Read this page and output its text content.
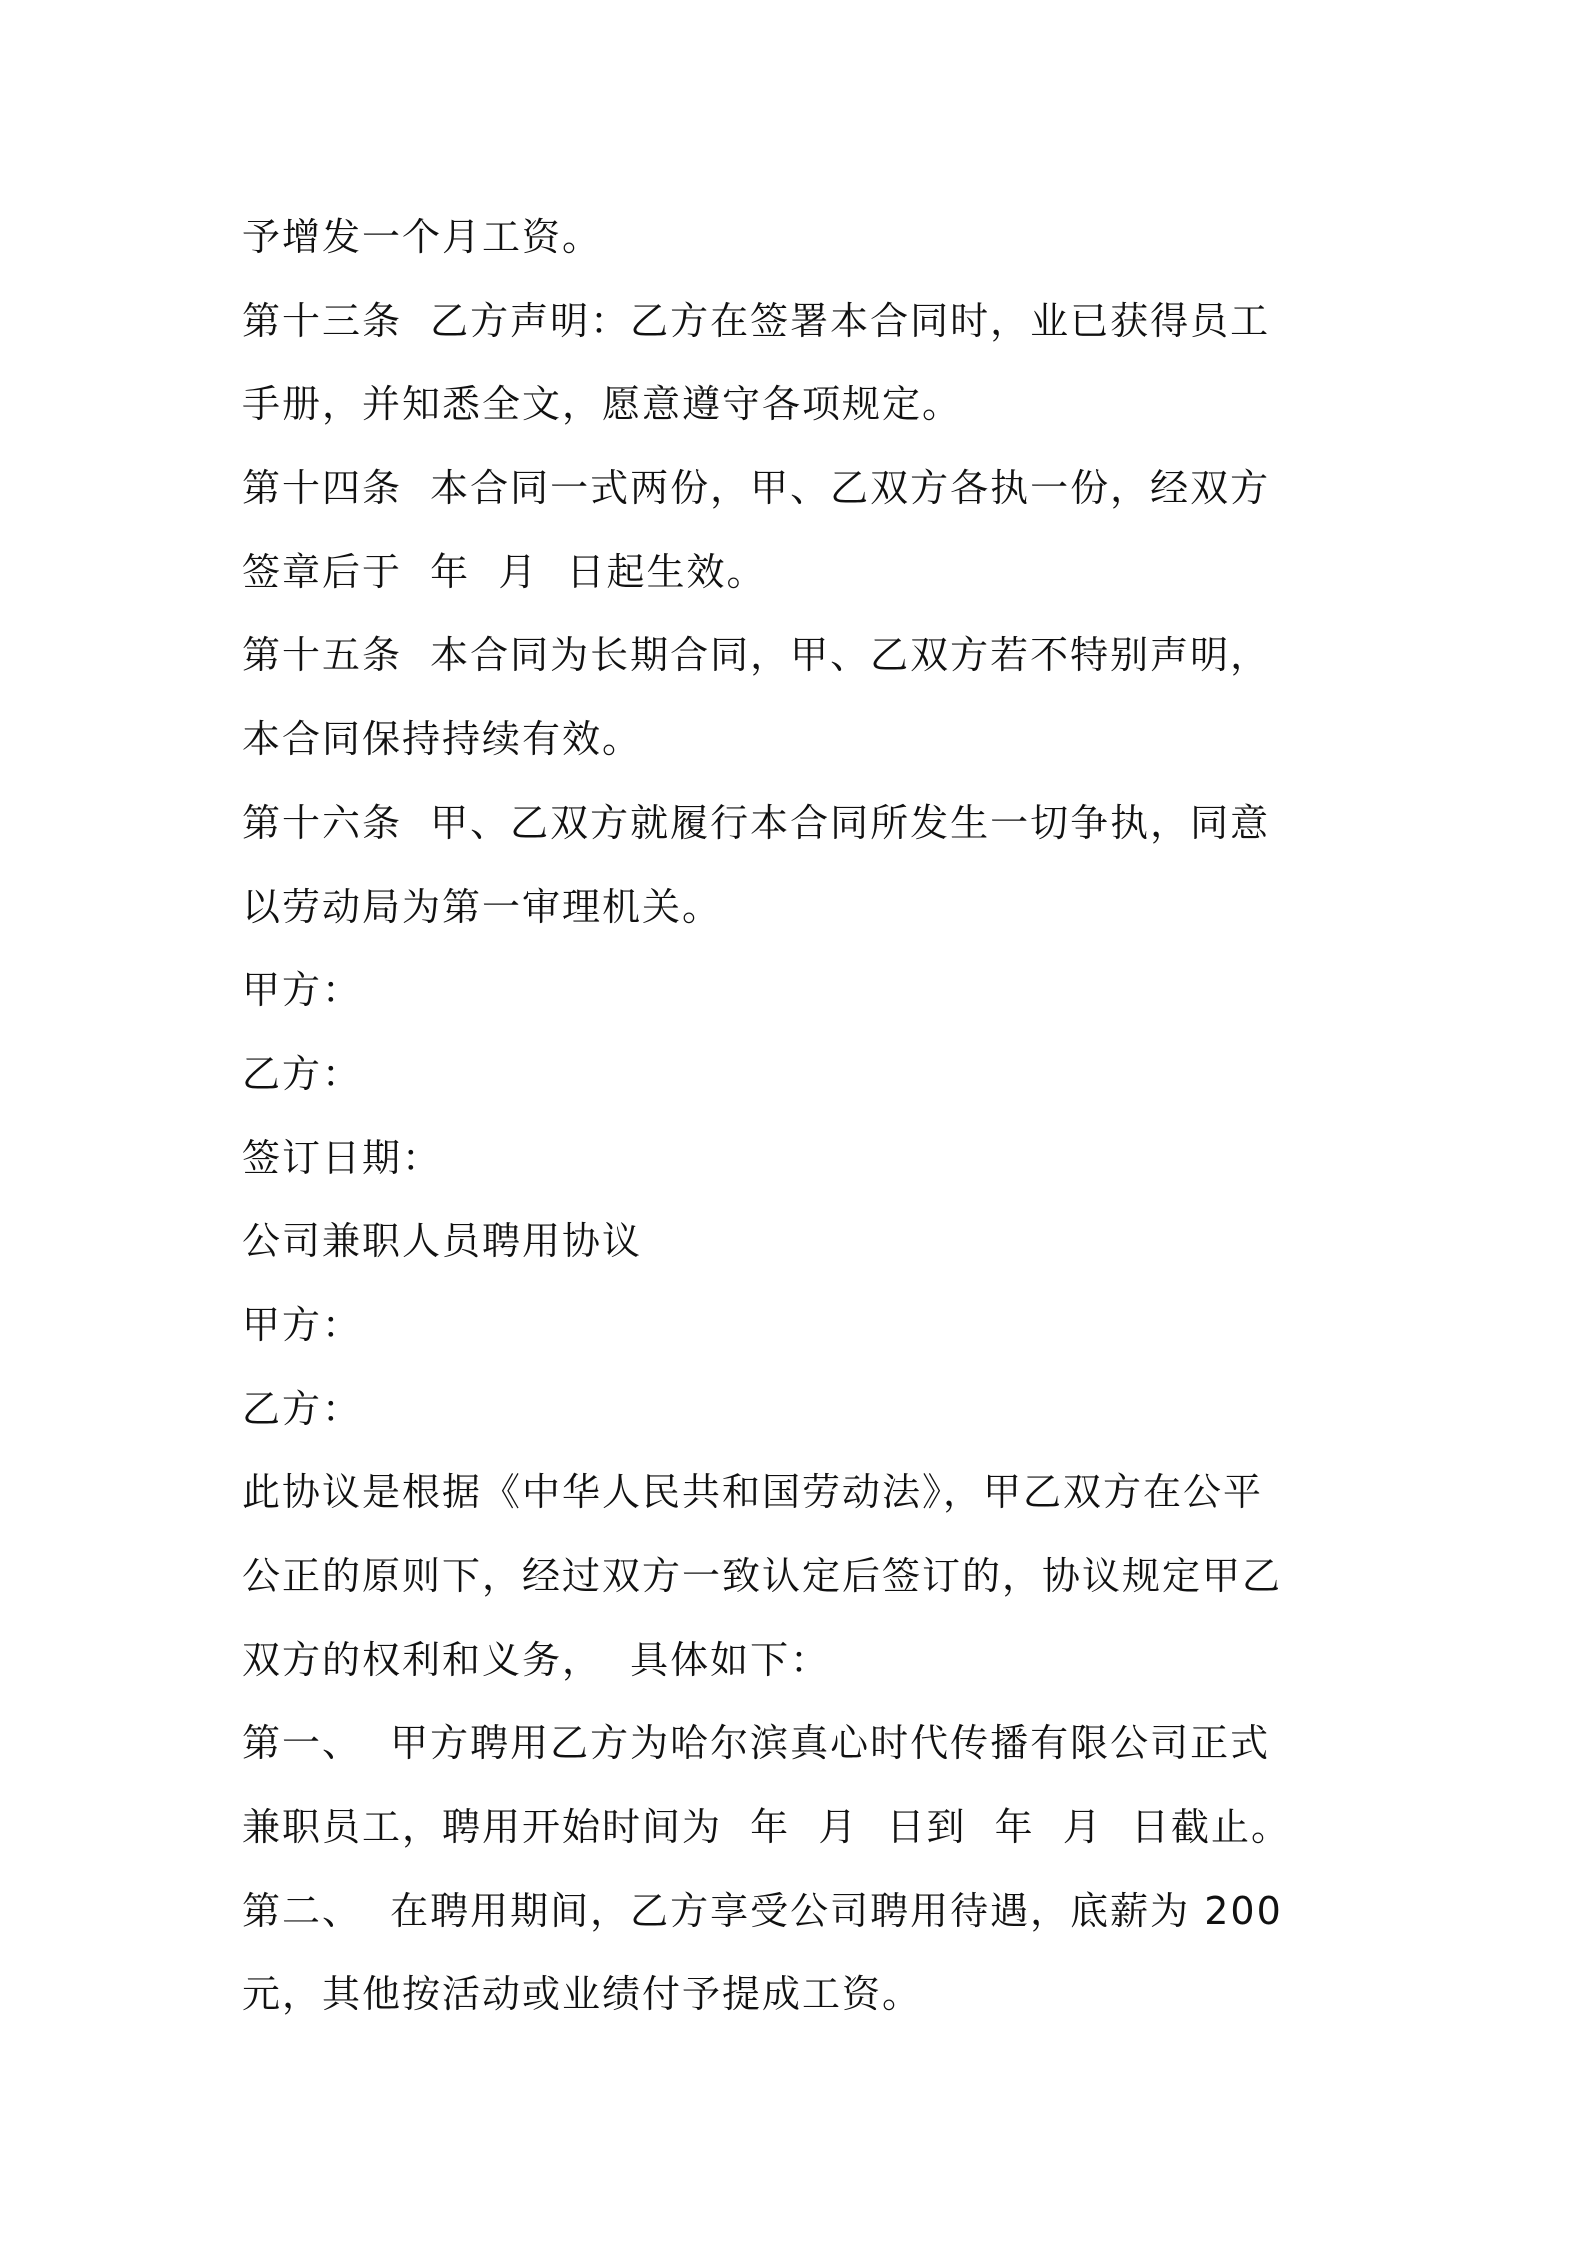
予增发一个月工资。
第十三条  乙方声明：乙方在签署本合同时，业已获得员工
手册，并知悉全文，愿意遵守各项规定。
第十四条  本合同一式两份，甲、乙双方各执一份，经双方
签章后于  年  月  日起生效。
第十五条  本合同为长期合同，甲、乙双方若不特别声明，
本合同保持持续有效。
第十六条  甲、乙双方就履行本合同所发生一切争执，同意
以劳动局为第一审理机关。
甲方：
乙方：
签订日期：
公司兼职人员聘用协议
甲方：
乙方：
此协议是根据《中华人民共和国劳动法》，甲乙双方在公平
公正的原则下，经过双方一致认定后签订的，协议规定甲乙
双方的权利和义务，  具体如下：
第一、  甲方聘用乙方为哈尔滨真心时代传播有限公司正式
兼职员工，聘用开始时间为  年  月  日到  年  月  日截止。
第二、  在聘用期间，乙方享受公司聘用待遇，底薪为 200
元，其他按活动或业绩付予提成工资。
